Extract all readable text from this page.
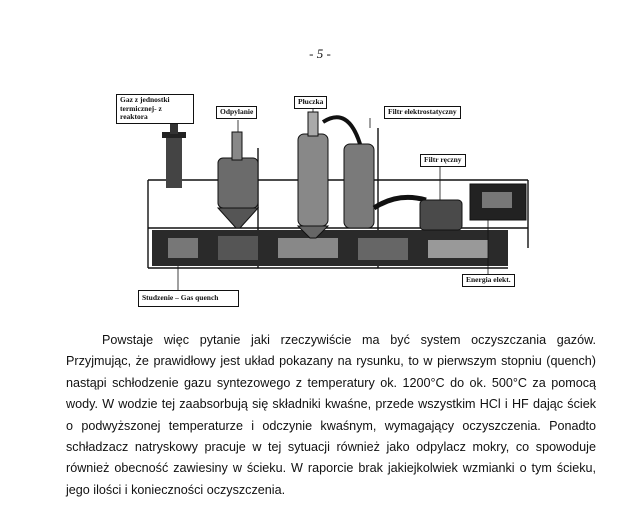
- 5 -
Gaz z jednostki termicznej- z reaktora
Odpylanie
Płuczka
Filtr elektrostatyczny
Filtr ręczny
Energia elekt.
Studzenie – Gas quench

Powstaje więc pytanie jaki rzeczywiście ma być system oczyszczania gazów. Przyjmując, że prawidłowy jest układ pokazany na rysunku, to w pierwszym stopniu (quench) nastąpi schłodzenie gazu syntezowego z temperatury ok. 1200°C do ok. 500°C za pomocą wody. W wodzie tej zaabsorbują się składniki kwaśne, przede wszystkim HCl i HF dając ściek o podwyższonej temperaturze i odczynie kwaśnym, wymagający oczyszczenia. Ponadto schładzacz natryskowy pracuje w tej sytuacji również jako odpylacz mokry, co spowoduje również obecność zawiesiny w ścieku. W raporcie brak jakiejkolwiek wzmianki o tym ścieku, jego ilości i konieczności oczyszczenia.
